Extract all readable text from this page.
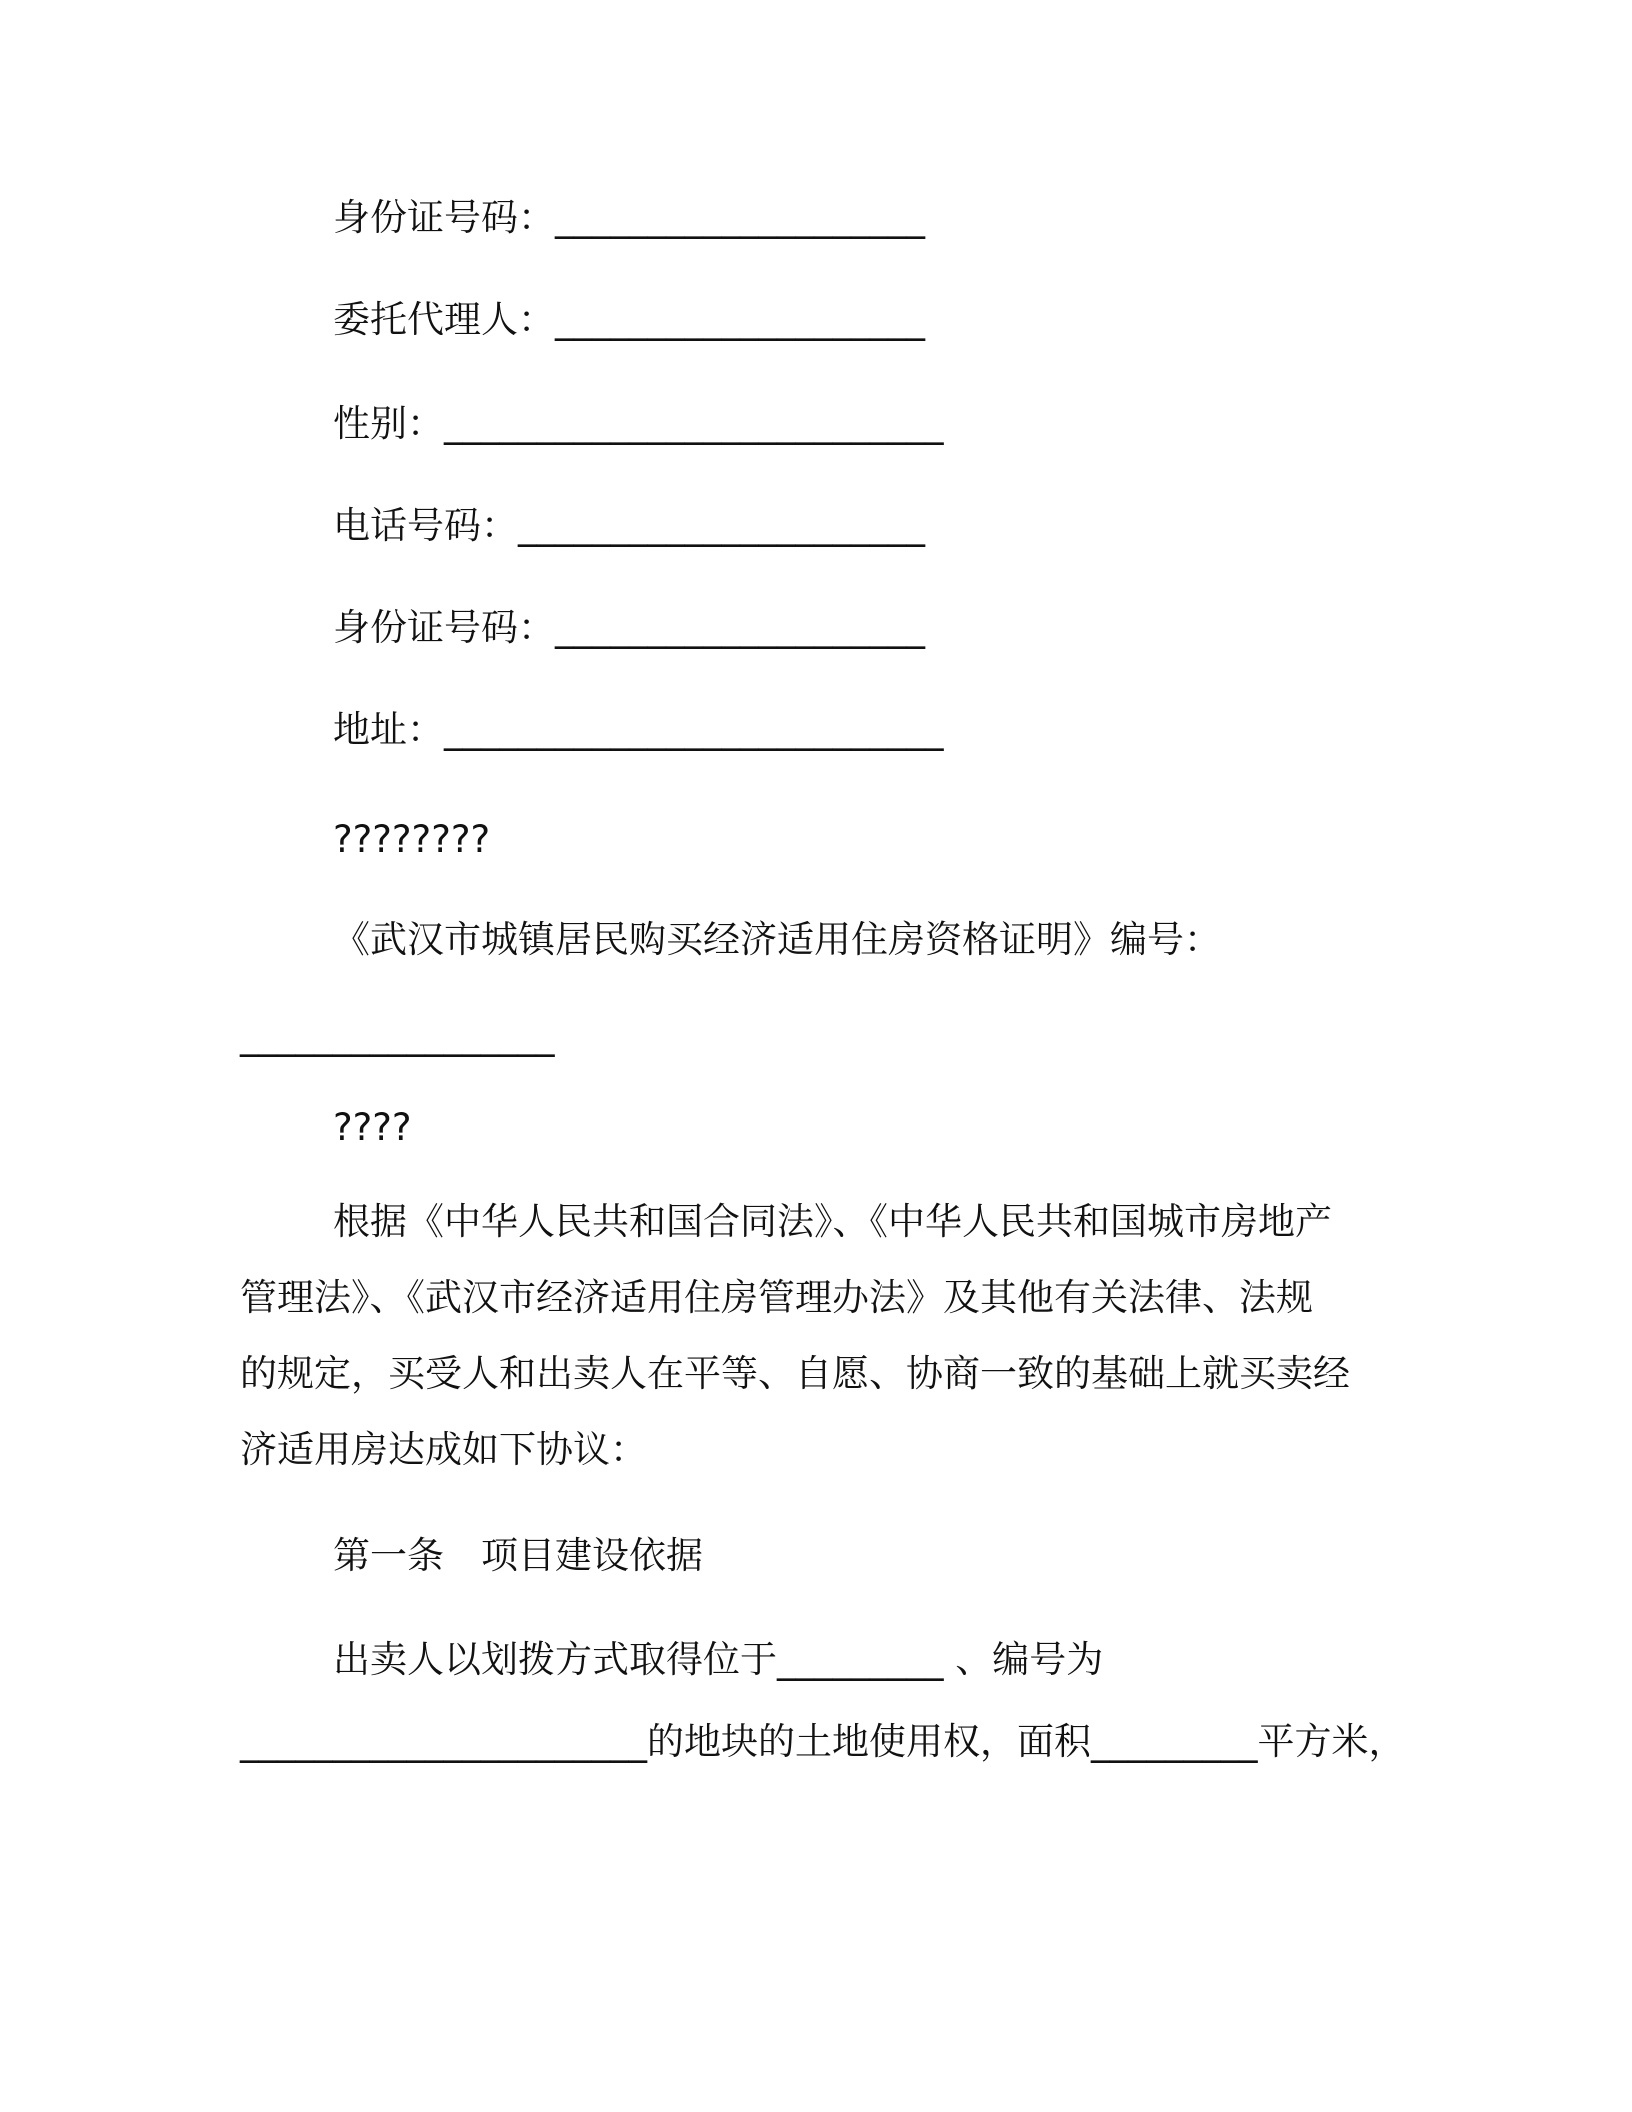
身份证号码：____________________
委托代理人：____________________
性别：___________________________
电话号码：______________________
身份证号码：____________________
地址：___________________________
????????
《武汉市城镇居民购买经济适用住房资格证明》编号：
_________________
????
根据《中华人民共和国合同法》、《中华人民共和国城市房地产
管理法》、《武汉市经济适用住房管理办法》及其他有关法律、法规
的规定，买受人和出卖人在平等、自愿、协商一致的基础上就买卖经
济适用房达成如下协议：
第一条　项目建设依据
出卖人以划拨方式取得位于_________ 、编号为
______________________的地块的土地使用权，面积_________平方米，
